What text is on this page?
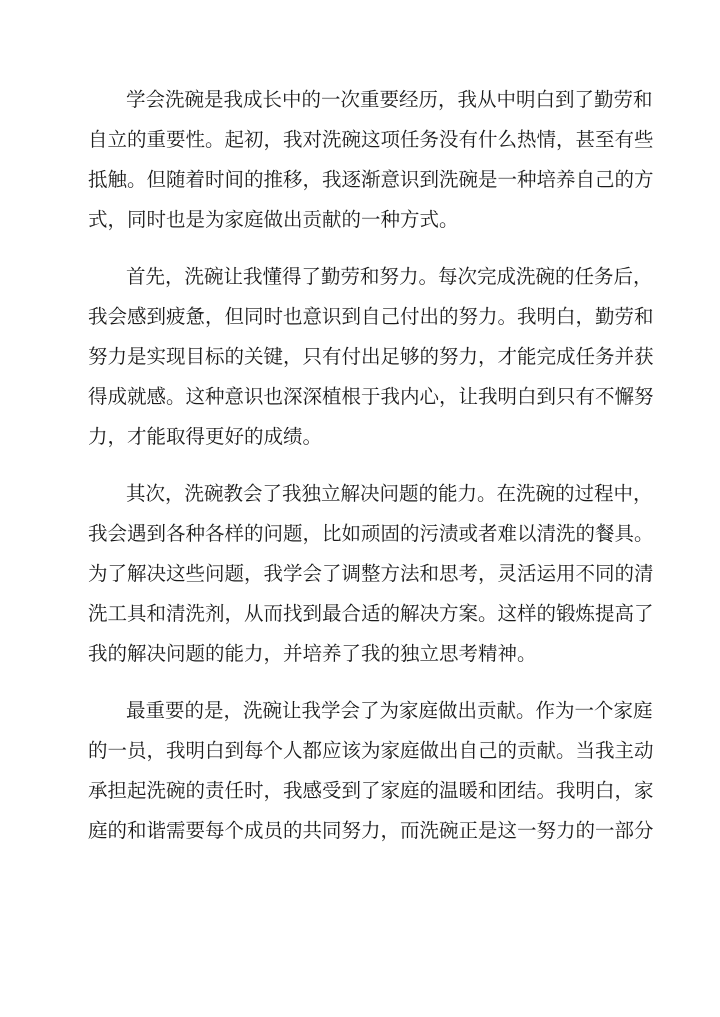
学会洗碗是我成长中的一次重要经历，我从中明白到了勤劳和
自立的重要性。起初，我对洗碗这项任务没有什么热情，甚至有些
抵触。但随着时间的推移，我逐渐意识到洗碗是一种培养自己的方
式，同时也是为家庭做出贡献的一种方式。
首先，洗碗让我懂得了勤劳和努力。每次完成洗碗的任务后，
我会感到疲惫，但同时也意识到自己付出的努力。我明白，勤劳和
努力是实现目标的关键，只有付出足够的努力，才能完成任务并获
得成就感。这种意识也深深植根于我内心，让我明白到只有不懈努
力，才能取得更好的成绩。
其次，洗碗教会了我独立解决问题的能力。在洗碗的过程中，
我会遇到各种各样的问题，比如顽固的污渍或者难以清洗的餐具。
为了解决这些问题，我学会了调整方法和思考，灵活运用不同的清
洗工具和清洗剂，从而找到最合适的解决方案。这样的锻炼提高了
我的解决问题的能力，并培养了我的独立思考精神。
最重要的是，洗碗让我学会了为家庭做出贡献。作为一个家庭
的一员，我明白到每个人都应该为家庭做出自己的贡献。当我主动
承担起洗碗的责任时，我感受到了家庭的温暖和团结。我明白，家
庭的和谐需要每个成员的共同努力，而洗碗正是这一努力的一部分
